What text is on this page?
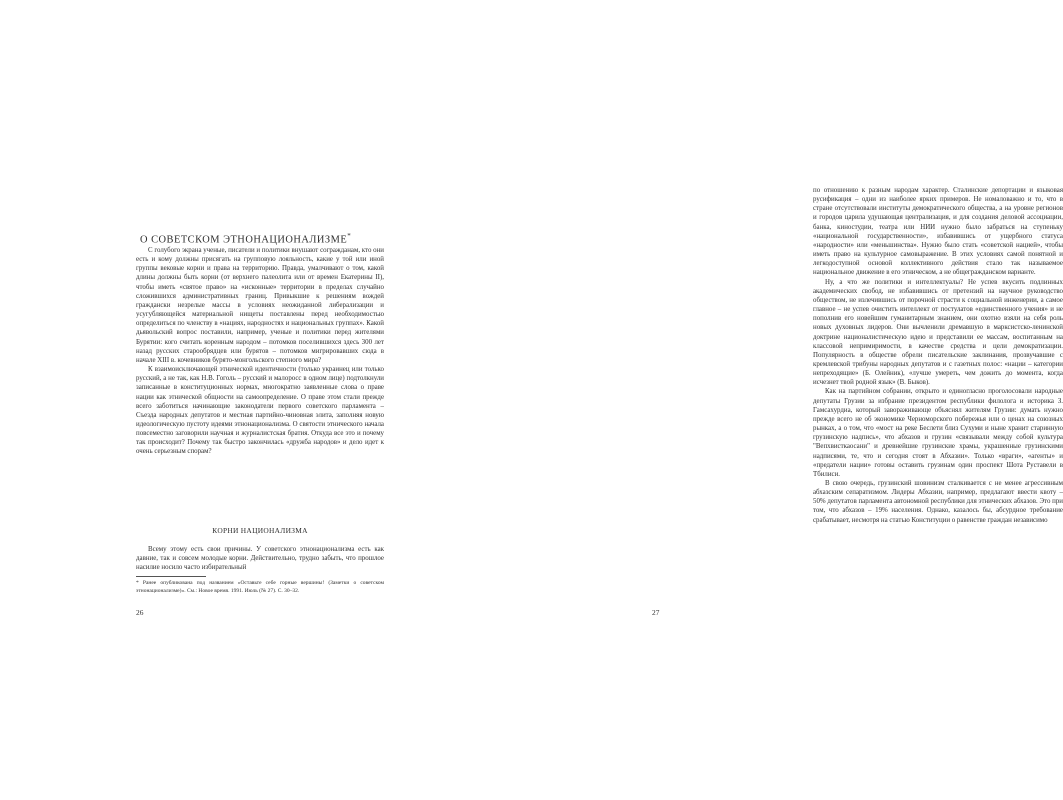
О СОВЕТСКОМ ЭТНОНАЦИОНАЛИЗМЕ*

С голубого экрана ученые, писатели и политики внушают согражданам, кто они есть и кому должны присягать на групповую лояльность, какие у той или иной группы вековые корни и права на территорию. Правда, умалчивают о том, какой длины должны быть корни (от верхнего палеолита или от времен Екатерины II), чтобы иметь «святое право» на «исконные» территории в пределах случайно сложившихся административных границ. Привыкшие к решениям вождей граждански незрелые массы в условиях неожиданной либерализации и усугубляющейся материальной нищеты поставлены перед необходимостью определиться по членству в «нациях, народностях и национальных группах». Какой дьявольский вопрос поставили, например, ученые и политики перед жителями Бурятии: кого считать коренным народом – потомков поселившихся здесь 300 лет назад русских старообрядцев или бурятов – потомков мигрировавших сюда в начале XIII в. кочевников бурято-монгольского степного мира?

К взаимоисключающей этнической идентичности (только украинец или только русский, а не так, как Н.В. Гоголь – русский и малоросс в одном лице) подтолкнули записанные в конституционных нормах, многократно заявленные слова о праве нации как этнической общности на самоопределение. О праве этом стали прежде всего заботиться начинающие законодатели первого советского парламента – Съезда народных депутатов и местная партийно-чиновная элита, заполняя новую идеологическую пустоту идеями этнонационализма. О святости этнического начала повсеместно заговорили научная и журналистская братия. Откуда все это и почему так происходит? Почему так быстро закончилась «дружба народов» и дело идет к очень серьезным спорам?

КОРНИ НАЦИОНАЛИЗМА

Всему этому есть свои причины. У советского этнонационализма есть как давние, так и совсем молодые корни. Действительно, трудно забыть, что прошлое насилие носило часто избирательный

* Ранее опубликована под названием «Оставьте себе горные вершины! (Заметки о советском этнонационализме)». См.: Новое время. 1991. Июль (№ 27). С. 30–32.

26

по отношению к разным народам характер. Сталинские депортации и языковая русификация – одни из наиболее ярких примеров. Не номаловажно и то, что в стране отсутствовали институты демократического общества, а на уровне регионов и городов царила удушающая централизация, и для создания деловой ассоциации, банка, киностудии, театра или НИИ нужно было забраться на ступеньку «национальной государственности», избавившись от ущербного статуса «народности» или «меньшинства». Нужно было стать «советской нацией», чтобы иметь право на культурное самовыражение. В этих условиях самой понятной и легкодоступной основой коллективного действия стало так называемое национальное движение в его этническом, а не общегражданском варианте.

Ну, а что же политики и интеллектуалы? Не успев вкусить подлинных академических свобод, не избавившись от претензий на научное руководство обществом, не излечившись от порочной страсти к социальной инженерии, а самое главное – не успев очистить интеллект от постулатов «единственного учения» и не пополнив его новейшим гуманитарным знанием, они охотно взяли на себя роль новых духовных лидеров. Они вычленили дремавшую в марксистско-ленинской доктрине националистическую идею и представили ее массам, воспитанным на классовой непримиримости, в качестве средства и цели демократизации. Популярность в обществе обрели писательские заклинания, прозвучавшие с кремлевской трибуны народных депутатов и с газетных полос: «нации – категории непреходящие» (Б. Олейник), «лучше умереть, чем дожить до момента, когда исчезнет твой родной язык» (В. Быков).

Как на партийном собрании, открыто и единогласно проголосовали народные депутаты Грузии за избрание президентом республики филолога и историка З. Гамсахурдиа, который завораживающе объяснял жителям Грузии: думать нужно прежде всего не об экономике Черноморского побережья или о ценах на союзных рынках, а о том, что «мост на реке Беслети близ Сухуми и ныне хранит старинную грузинскую надпись», что абхазов и грузин «связывали между собой культура "Вепхвисткаосани" и древнейшие грузинские храмы, украшенные грузинскими надписями, те, что и сегодня стоят в Абхазии». Только «враги», «агенты» и «предатели нации» готовы оставить грузинам один проспект Шота Руставели в Тбилиси.

В свою очередь, грузинский шовинизм сталкивается с не менее агрессивным абхазским сепаратизмом. Лидеры Абхазии, например, предлагают ввести квоту – 50% депутатов парламента автономной республики для этнических абхазов. Это при том, что абхазов – 19% населения. Однако, казалось бы, абсурдное требование срабатывает, несмотря на статью Конституции о равенстве граждан независимо

27
